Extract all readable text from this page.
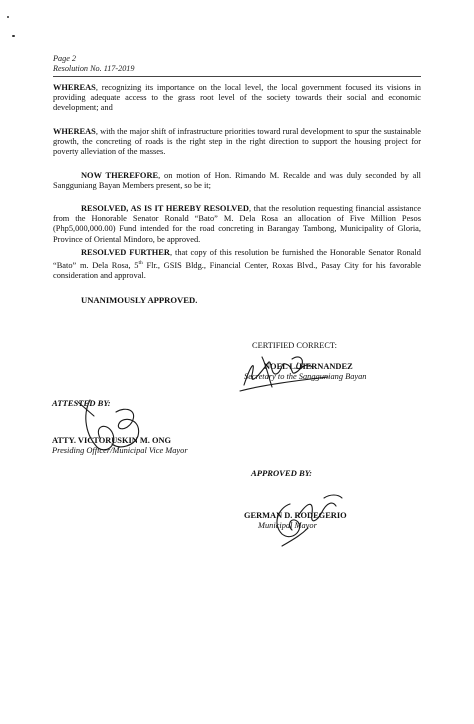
Page 2
Resolution No. 117-2019
WHEREAS, recognizing its importance on the local level, the local government focused its visions in providing adequate access to the grass root level of the society towards their social and economic development; and
WHEREAS, with the major shift of infrastructure priorities toward rural development to spur the sustainable growth, the concreting of roads is the right step in the right direction to support the housing project for poverty alleviation of the masses.
NOW THEREFORE, on motion of Hon. Rimando M. Recalde and was duly seconded by all Sangguniang Bayan Members present, so be it;
RESOLVED, AS IS IT HEREBY RESOLVED, that the resolution requesting financial assistance from the Honorable Senator Ronald “Bato” M. Dela Rosa an allocation of Five Million Pesos (Php5,000,000.00) Fund intended for the road concreting in Barangay Tambong, Municipality of Gloria, Province of Oriental Mindoro, be approved.
RESOLVED FURTHER, that copy of this resolution be furnished the Honorable Senator Ronald “Bato” m. Dela Rosa, 5th Flr., GSIS Bldg., Financial Center, Roxas Blvd., Pasay City for his favorable consideration and approval.
UNANIMOUSLY APPROVED.
CERTIFIED CORRECT:
NOEL L. HERNANDEZ
Secretary to the Sangguniang Bayan
ATTESTED BY:
ATTY. VICTORUSKIN M. ONG
Presiding Officer/Municipal Vice Mayor
APPROVED BY:
GERMAN D. RODEGERIO
Municipal Mayor
